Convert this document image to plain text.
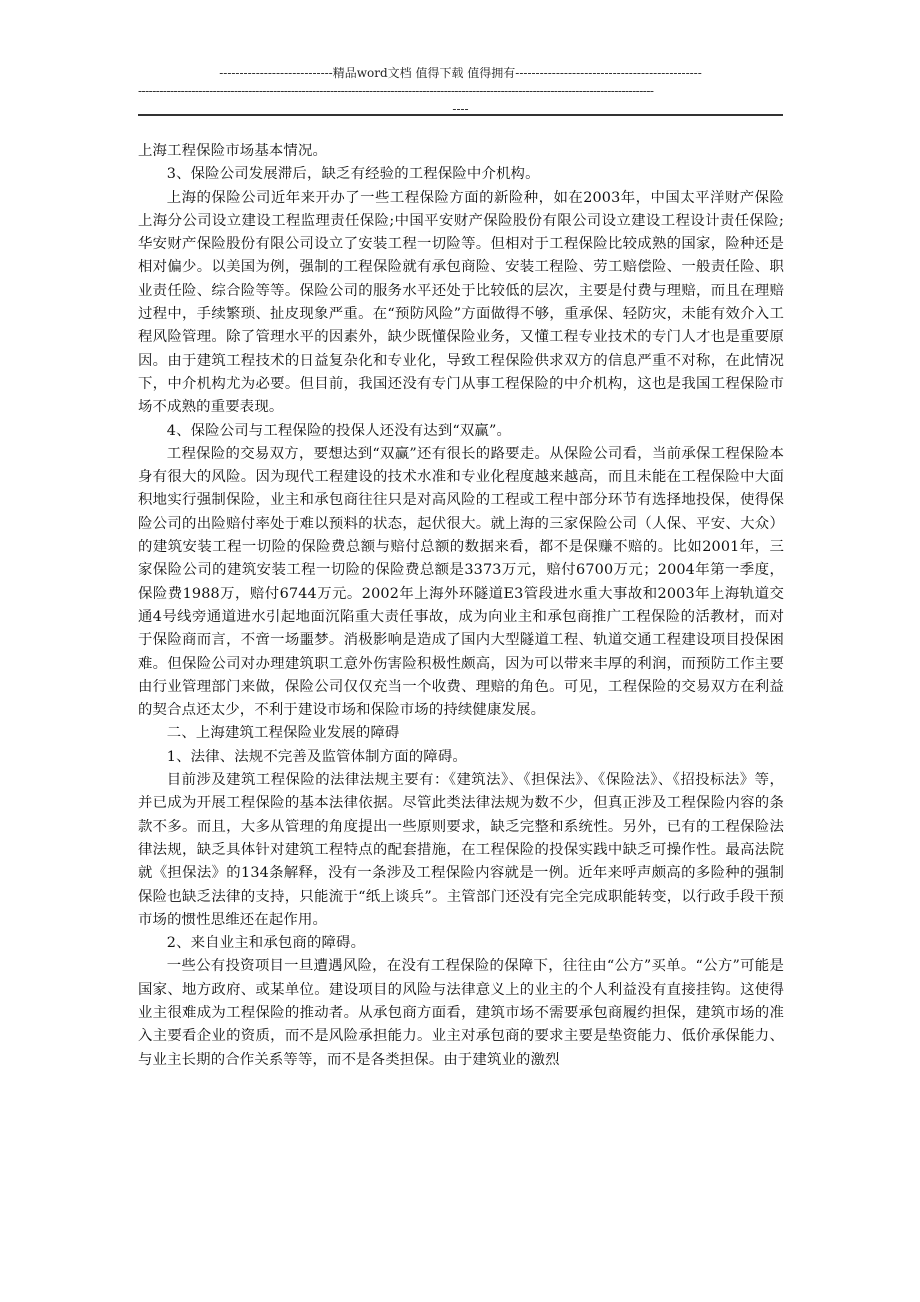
----------------------------精品word文档 值得下载 值得拥有----------------------------------------------
-------------------------------------------------------------------------------------------------------------------------------------------------
----

上海工程保险市场基本情况。

3、保险公司发展滞后，缺乏有经验的工程保险中介机构。

上海的保险公司近年来开办了一些工程保险方面的新险种，如在2003年，中国太平洋财产保险上海分公司设立建设工程监理责任保险;中国平安财产保险股份有限公司设立建设工程设计责任保险;华安财产保险股份有限公司设立了安装工程一切险等。但相对于工程保险比较成熟的国家，险种还是相对偏少。以美国为例，强制的工程保险就有承包商险、安装工程险、劳工赔偿险、一般责任险、职业责任险、综合险等等。保险公司的服务水平还处于比较低的层次，主要是付费与理赔，而且在理赔过程中，手续繁琐、扯皮现象严重。在“预防风险”方面做得不够，重承保、轻防灾，未能有效介入工程风险管理。除了管理水平的因素外，缺少既懂保险业务，又懂工程专业技术的专门人才也是重要原因。由于建筑工程技术的日益复杂化和专业化，导致工程保险供求双方的信息严重不对称，在此情况下，中介机构尤为必要。但目前，我国还没有专门从事工程保险的中介机构，这也是我国工程保险市场不成熟的重要表现。

4、保险公司与工程保险的投保人还没有达到“双赢”。

工程保险的交易双方，要想达到“双赢”还有很长的路要走。从保险公司看，当前承保工程保险本身有很大的风险。因为现代工程建设的技术水准和专业化程度越来越高，而且未能在工程保险中大面积地实行强制保险，业主和承包商往往只是对高风险的工程或工程中部分环节有选择地投保，使得保险公司的出险赔付率处于难以预料的状态，起伏很大。就上海的三家保险公司（人保、平安、大众）的建筑安装工程一切险的保险费总额与赔付总额的数据来看，都不是保赚不赔的。比如2001年，三家保险公司的建筑安装工程一切险的保险费总额是3373万元，赔付6700万元；2004年第一季度，保险费1988万，赔付6744万元。2002年上海外环隧道E3管段进水重大事故和2003年上海轨道交通4号线旁通道进水引起地面沉陷重大责任事故，成为向业主和承包商推广工程保险的活教材，而对于保险商而言，不啻一场噩梦。消极影响是造成了国内大型隧道工程、轨道交通工程建设项目投保困难。但保险公司对办理建筑职工意外伤害险积极性颇高，因为可以带来丰厚的利润，而预防工作主要由行业管理部门来做，保险公司仅仅充当一个收费、理赔的角色。可见，工程保险的交易双方在利益的契合点还太少，不利于建设市场和保险市场的持续健康发展。

二、上海建筑工程保险业发展的障碍

1、法律、法规不完善及监管体制方面的障碍。

目前涉及建筑工程保险的法律法规主要有：《建筑法》、《担保法》、《保险法》、《招投标法》等，并已成为开展工程保险的基本法律依据。尽管此类法律法规为数不少，但真正涉及工程保险内容的条款不多。而且，大多从管理的角度提出一些原则要求，缺乏完整和系统性。另外，已有的工程保险法律法规，缺乏具体针对建筑工程特点的配套措施，在工程保险的投保实践中缺乏可操作性。最高法院就《担保法》的134条解释，没有一条涉及工程保险内容就是一例。近年来呼声颇高的多险种的强制保险也缺乏法律的支持，只能流于“纸上谈兵”。主管部门还没有完全完成职能转变，以行政手段干预市场的惯性思维还在起作用。

2、来自业主和承包商的障碍。

一些公有投资项目一旦遭遇风险，在没有工程保险的保障下，往往由“公方”买单。“公方”可能是国家、地方政府、或某单位。建设项目的风险与法律意义上的业主的个人利益没有直接挂钩。这使得业主很难成为工程保险的推动者。从承包商方面看，建筑市场不需要承包商履约担保，建筑市场的准入主要看企业的资质，而不是风险承担能力。业主对承包商的要求主要是垫资能力、低价承保能力、与业主长期的合作关系等等，而不是各类担保。由于建筑业的激烈
